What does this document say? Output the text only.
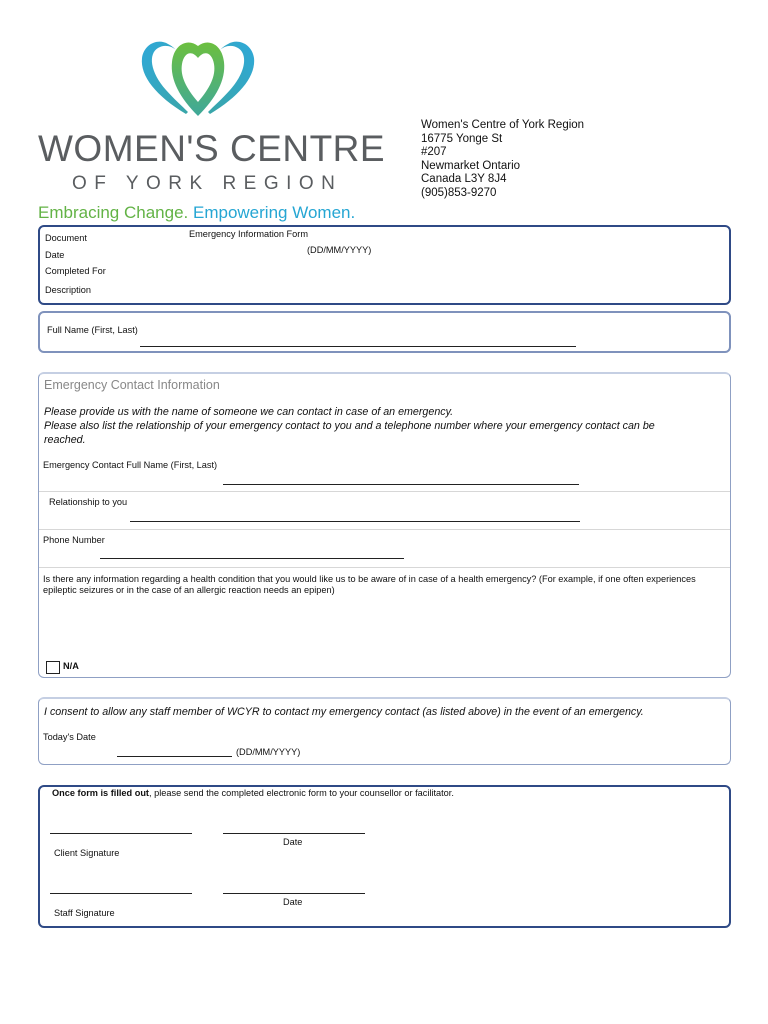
WOMEN'S CENTRE
OF YORK REGION
Embracing Change. Empowering Women.
Women's Centre of York Region
16775 Yonge St
#207
Newmarket Ontario
Canada L3Y 8J4
(905)853-9270
Document	Emergency Information Form
Date	(DD/MM/YYYY)
Completed For
Description
Full Name (First, Last)
Emergency Contact Information
Please provide us with the name of someone we can contact in case of an emergency.
Please also list the relationship of your emergency contact to you and a telephone number where your emergency contact can be
reached.
Emergency Contact Full Name (First, Last)
Relationship to you
Phone Number
Is there any information regarding a health condition that you would like us to be aware of in case of a health emergency? (For example, if one often experiences
epileptic seizures or in the case of an allergic reaction needs an epipen)
N/A
I consent to allow any staff member of WCYR to contact my emergency contact (as listed above) in the event of an emergency.
Today's Date
(DD/MM/YYYY)
Once form is filled out, please send the completed electronic form to your counsellor or facilitator.
Date
Client Signature
Date
Staff Signature
